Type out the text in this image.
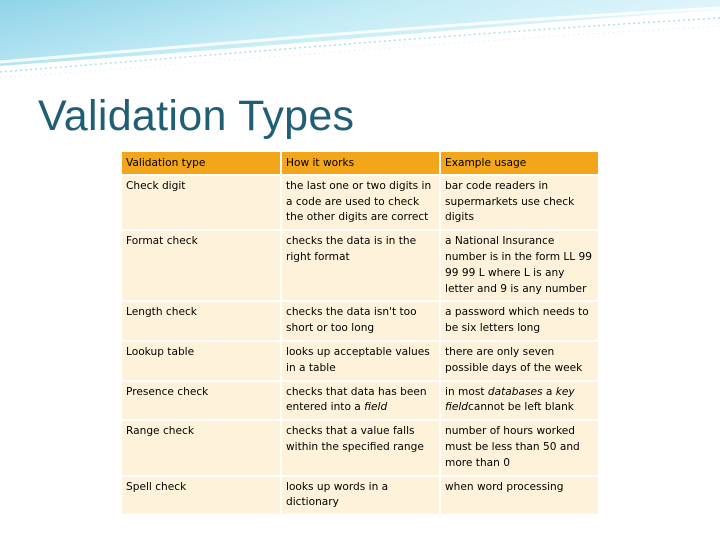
Validation Types
Validation type	How it works	Example usage
Check digit	the last one or two digits in a code are used to check the other digits are correct	bar code readers in supermarkets use check digits
Format check	checks the data is in the right format	a National Insurance number is in the form LL 99 99 99 L where L is any letter and 9 is any number
Length check	checks the data isn't too short or too long	a password which needs to be six letters long
Lookup table	looks up acceptable values in a table	there are only seven possible days of the week
Presence check	checks that data has been entered into a field	in most databases a key fieldcannot be left blank
Range check	checks that a value falls within the specified range	number of hours worked must be less than 50 and more than 0
Spell check	looks up words in a dictionary	when word processing
